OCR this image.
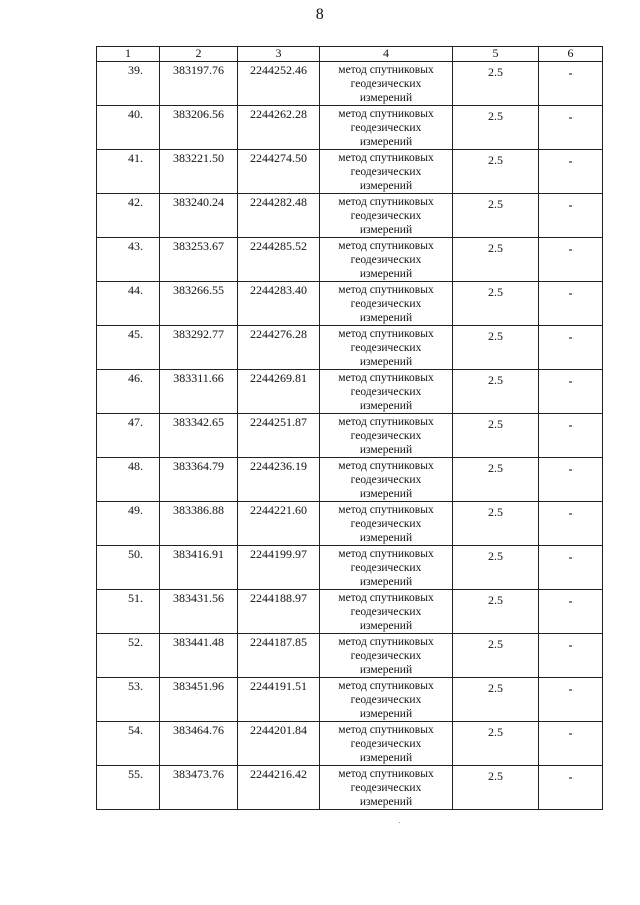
8
1	2	3	4	5	6
39.	383197.76	2244252.46	метод спутниковых
геодезических
измерений	2.5	-
40.	383206.56	2244262.28	метод спутниковых
геодезических
измерений	2.5	-
41.	383221.50	2244274.50	метод спутниковых
геодезических
измерений	2.5	-
42.	383240.24	2244282.48	метод спутниковых
геодезических
измерений	2.5	-
43.	383253.67	2244285.52	метод спутниковых
геодезических
измерений	2.5	-
44.	383266.55	2244283.40	метод спутниковых
геодезических
измерений	2.5	-
45.	383292.77	2244276.28	метод спутниковых
геодезических
измерений	2.5	-
46.	383311.66	2244269.81	метод спутниковых
геодезических
измерений	2.5	-
47.	383342.65	2244251.87	метод спутниковых
геодезических
измерений	2.5	-
48.	383364.79	2244236.19	метод спутниковых
геодезических
измерений	2.5	-
49.	383386.88	2244221.60	метод спутниковых
геодезических
измерений	2.5	-
50.	383416.91	2244199.97	метод спутниковых
геодезических
измерений	2.5	-
51.	383431.56	2244188.97	метод спутниковых
геодезических
измерений	2.5	-
52.	383441.48	2244187.85	метод спутниковых
геодезических
измерений	2.5	-
53.	383451.96	2244191.51	метод спутниковых
геодезических
измерений	2.5	-
54.	383464.76	2244201.84	метод спутниковых
геодезических
измерений	2.5	-
55.	383473.76	2244216.42	метод спутниковых
геодезических
измерений	2.5	-
